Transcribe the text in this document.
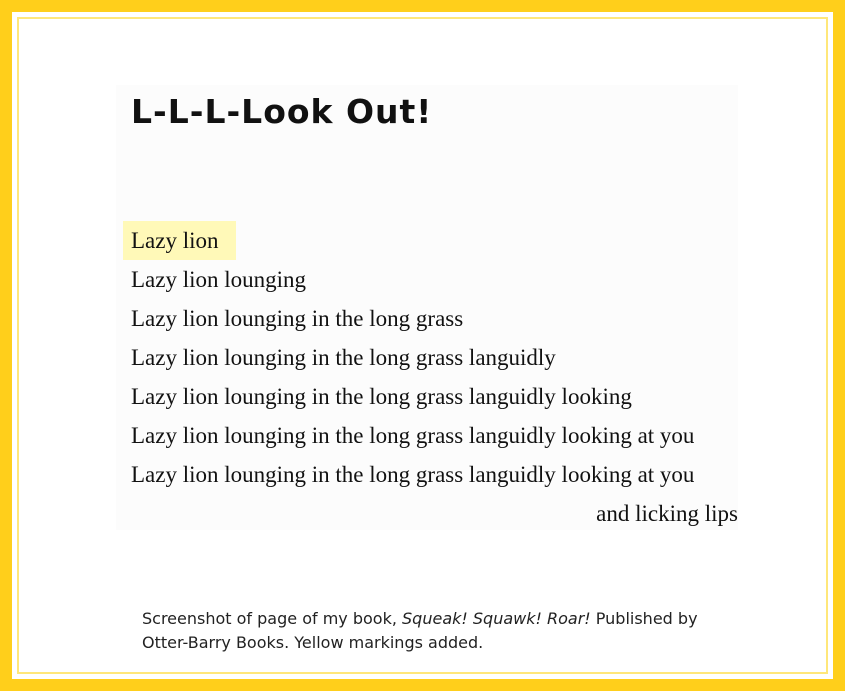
L-L-L-Look Out!
Lazy lion
Lazy lion lounging
Lazy lion lounging in the long grass
Lazy lion lounging in the long grass languidly
Lazy lion lounging in the long grass languidly looking
Lazy lion lounging in the long grass languidly looking at you
Lazy lion lounging in the long grass languidly looking at you
and licking lips
Screenshot of page of my book, Squeak! Squawk! Roar! Published by Otter-Barry Books. Yellow markings added.
